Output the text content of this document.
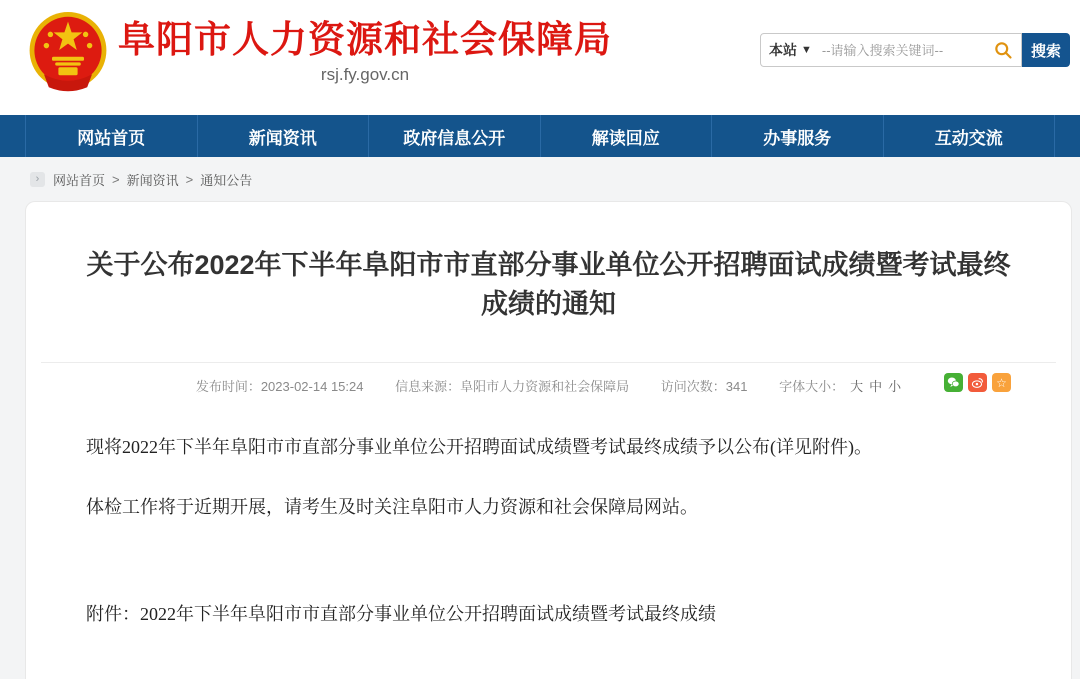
阜阳市人力资源和社会保障局
rsj.fy.gov.cn
本站 ▼
--请输入搜索关键词--	搜索
网站首页	新闻资讯	政府信息公开	解读回应	办事服务	互动交流
›	网站首页 > 新闻资讯 > 通知公告
关于公布2022年下半年阜阳市市直部分事业单位公开招聘面试成绩暨考试最终成绩的通知
发布时间：2023-02-14 15:24 信息来源：阜阳市人力资源和社会保障局 访问次数：341 字体大小： 大 中 小	☆

现将2022年下半年阜阳市市直部分事业单位公开招聘面试成绩暨考试最终成绩予以公布(详见附件)。

体检工作将于近期开展，请考生及时关注阜阳市人力资源和社会保障局网站。

附件：2022年下半年阜阳市市直部分事业单位公开招聘面试成绩暨考试最终成绩
